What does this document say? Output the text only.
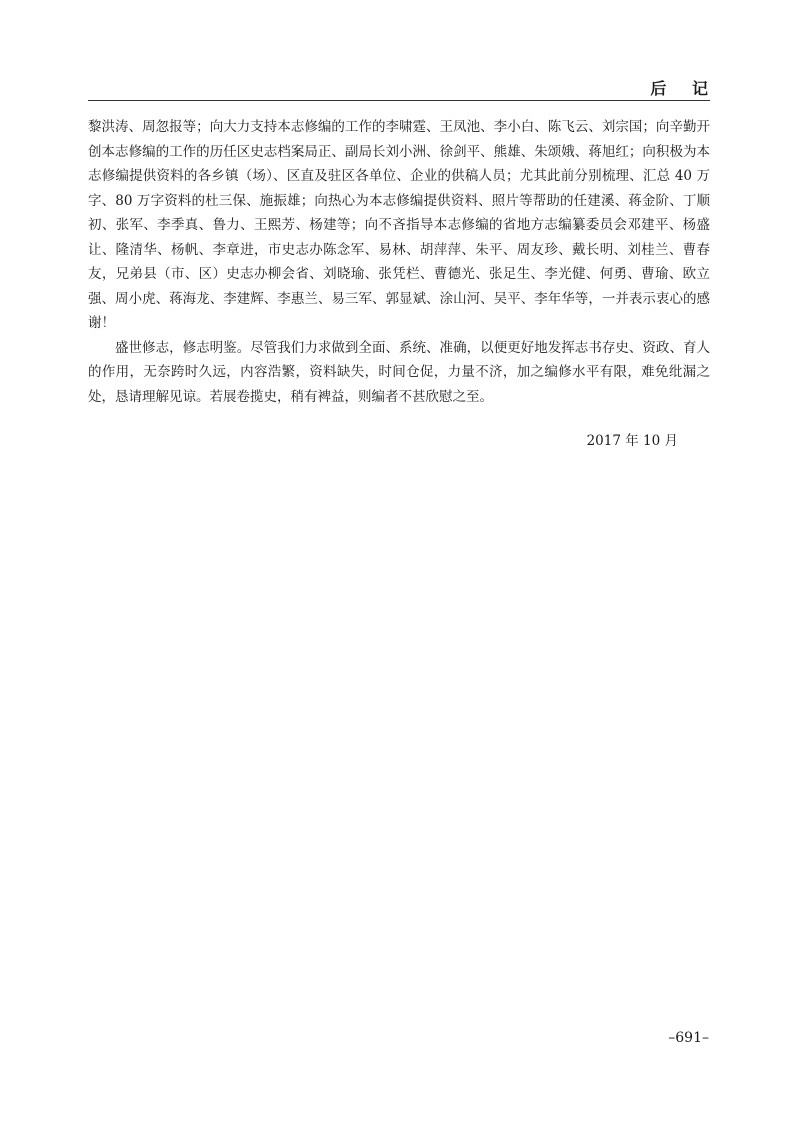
后 记

黎洪涛、周忽报等；向大力支持本志修编的工作的李啸霆、王凤池、李小白、陈飞云、刘宗国；向辛勤开创本志修编的工作的历任区史志档案局正、副局长刘小洲、徐剑平、熊雄、朱颂娥、蒋旭红；向积极为本志修编提供资料的各乡镇（场）、区直及驻区各单位、企业的供稿人员；尤其此前分别梳理、汇总 40 万字、80 万字资料的杜三保、施振雄；向热心为本志修编提供资料、照片等帮助的任建溪、蒋金阶、丁顺初、张军、李季真、鲁力、王熙芳、杨建等；向不吝指导本志修编的省地方志编纂委员会邓建平、杨盛让、隆清华、杨帆、李章进，市史志办陈念军、易林、胡萍萍、朱平、周友珍、戴长明、刘桂兰、曹春友，兄弟县（市、区）史志办柳会省、刘晓瑜、张凭栏、曹德光、张足生、李光健、何勇、曹瑜、欧立强、周小虎、蒋海龙、李建辉、李惠兰、易三军、郭显斌、涂山河、吴平、李年华等，一并表示衷心的感谢！

盛世修志，修志明鉴。尽管我们力求做到全面、系统、准确，以便更好地发挥志书存史、资政、育人的作用，无奈跨时久远，内容浩繁，资料缺失，时间仓促，力量不济，加之编修水平有限，难免纰漏之处，恳请理解见谅。若展卷揽史，稍有裨益，则编者不甚欣慰之至。

2017 年 10 月
–691–
